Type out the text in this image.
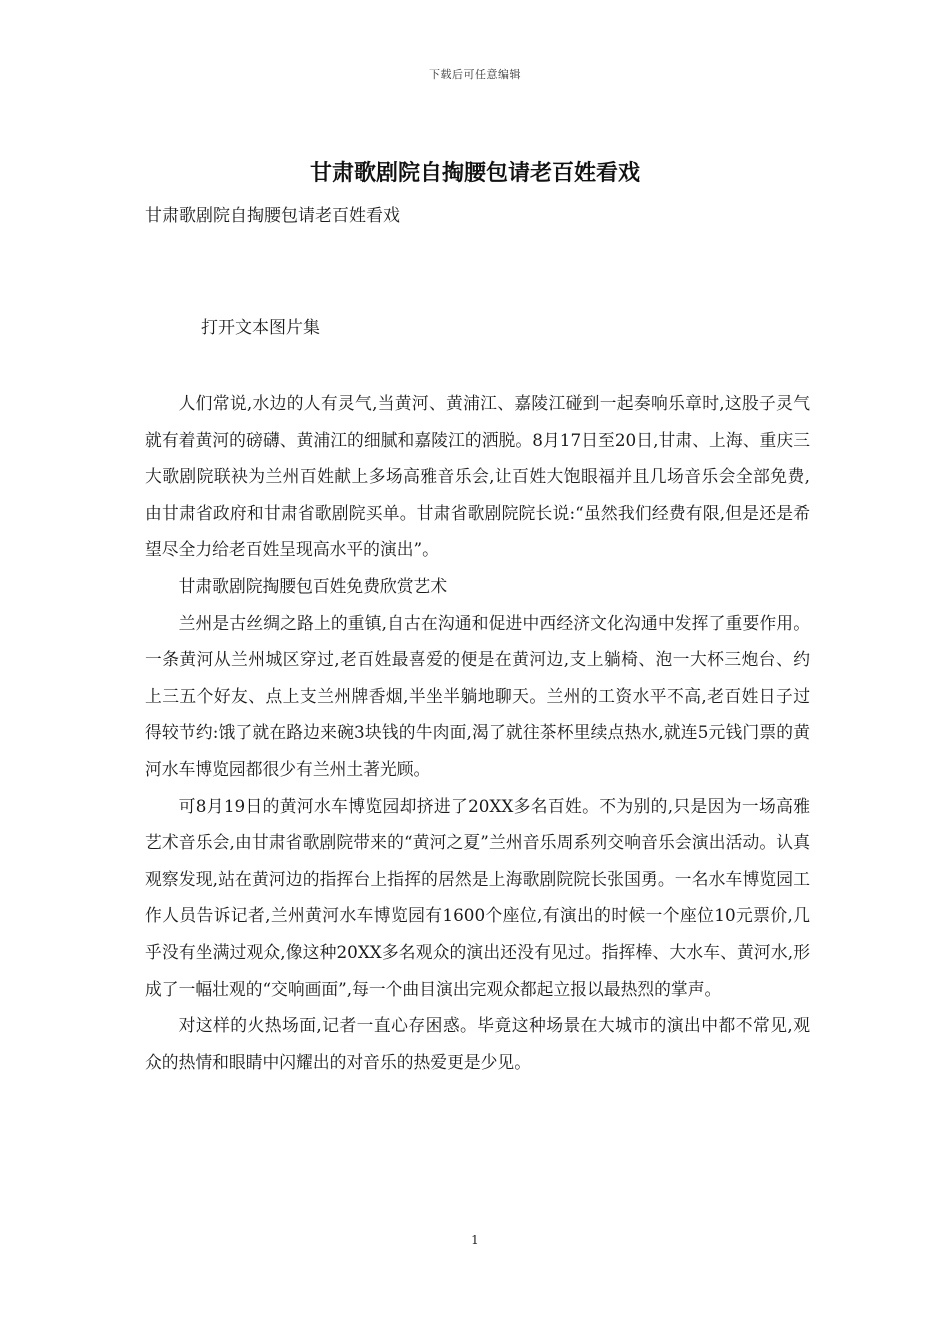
下载后可任意编辑
甘肃歌剧院自掏腰包请老百姓看戏
甘肃歌剧院自掏腰包请老百姓看戏
打开文本图片集

人们常说,水边的人有灵气,当黄河、黄浦江、嘉陵江碰到一起奏响乐章时,这股子灵气就有着黄河的磅礴、黄浦江的细腻和嘉陵江的洒脱。8月17日至20日,甘肃、上海、重庆三大歌剧院联袂为兰州百姓献上多场高雅音乐会,让百姓大饱眼福并且几场音乐会全部免费,由甘肃省政府和甘肃省歌剧院买单。甘肃省歌剧院院长说:“虽然我们经费有限,但是还是希望尽全力给老百姓呈现高水平的演出”。

甘肃歌剧院掏腰包百姓免费欣赏艺术

兰州是古丝绸之路上的重镇,自古在沟通和促进中西经济文化沟通中发挥了重要作用。一条黄河从兰州城区穿过,老百姓最喜爱的便是在黄河边,支上躺椅、泡一大杯三炮台、约上三五个好友、点上支兰州牌香烟,半坐半躺地聊天。兰州的工资水平不高,老百姓日子过得较节约:饿了就在路边来碗3块钱的牛肉面,渴了就往茶杯里续点热水,就连5元钱门票的黄河水车博览园都很少有兰州土著光顾。

可8月19日的黄河水车博览园却挤进了20XX多名百姓。不为别的,只是因为一场高雅艺术音乐会,由甘肃省歌剧院带来的“黄河之夏”兰州音乐周系列交响音乐会演出活动。认真观察发现,站在黄河边的指挥台上指挥的居然是上海歌剧院院长张国勇。一名水车博览园工作人员告诉记者,兰州黄河水车博览园有1600个座位,有演出的时候一个座位10元票价,几乎没有坐满过观众,像这种20XX多名观众的演出还没有见过。指挥棒、大水车、黄河水,形成了一幅壮观的“交响画面”,每一个曲目演出完观众都起立报以最热烈的掌声。

对这样的火热场面,记者一直心存困惑。毕竟这种场景在大城市的演出中都不常见,观众的热情和眼睛中闪耀出的对音乐的热爱更是少见。

1
